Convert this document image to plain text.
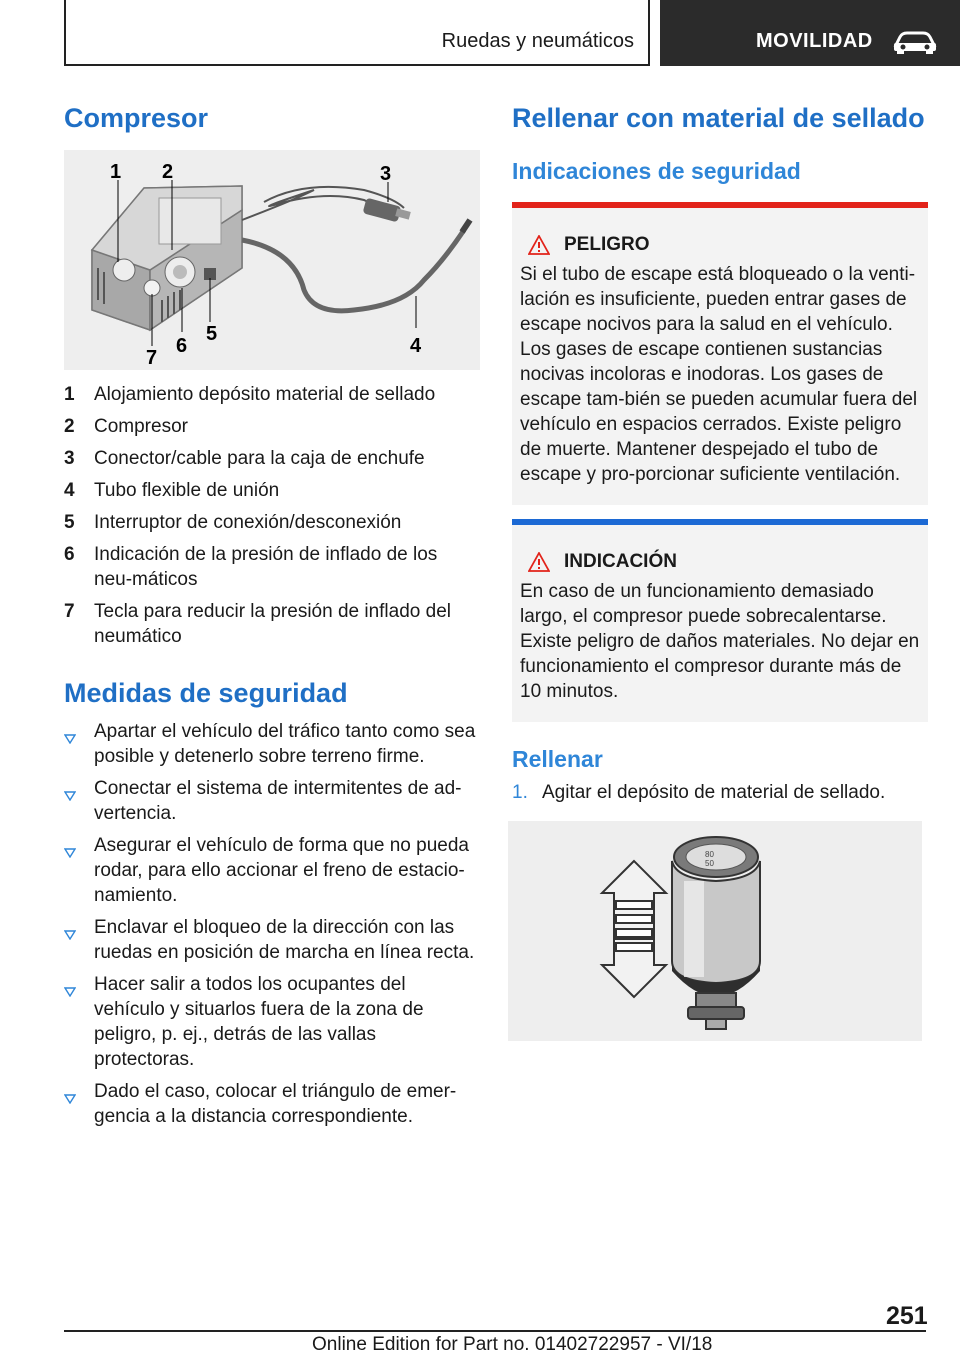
Ruedas y neumáticos	MOVILIDAD
Compresor
1 2	3
4
5
6
7
1	Alojamiento depósito material de sellado
2	Compresor
3	Conector/cable para la caja de enchufe
4	Tubo flexible de unión
5	Interruptor de conexión/desconexión
6	Indicación de la presión de inflado de los neu‐máticos
7	Tecla para reducir la presión de inflado del neumático
Medidas de seguridad
Apartar el vehículo del tráfico tanto como sea posible y detenerlo sobre terreno firme.
Conectar el sistema de intermitentes de ad‐vertencia.
Asegurar el vehículo de forma que no pueda rodar, para ello accionar el freno de estacio‐namiento.
Enclavar el bloqueo de la dirección con las ruedas en posición de marcha en línea recta.
Hacer salir a todos los ocupantes del vehículo y situarlos fuera de la zona de peligro, p. ej., detrás de las vallas protectoras.
Dado el caso, colocar el triángulo de emer‐gencia a la distancia correspondiente.
Rellenar con material de sellado
Indicaciones de seguridad
PELIGRO
Si el tubo de escape está bloqueado o la venti‐lación es insuficiente, pueden entrar gases de escape nocivos para la salud en el vehículo. Los gases de escape contienen sustancias nocivas incoloras e inodoras. Los gases de escape tam‐bién se pueden acumular fuera del vehículo en espacios cerrados. Existe peligro de muerte. Mantener despejado el tubo de escape y pro‐porcionar suficiente ventilación.
INDICACIÓN
En caso de un funcionamiento demasiado largo, el compresor puede sobrecalentarse. Existe peligro de daños materiales. No dejar en funcionamiento el compresor durante más de 10 minutos.
Rellenar
1. Agitar el depósito de material de sellado.
80
50
251
Online Edition for Part no. 01402722957 - VI/18
